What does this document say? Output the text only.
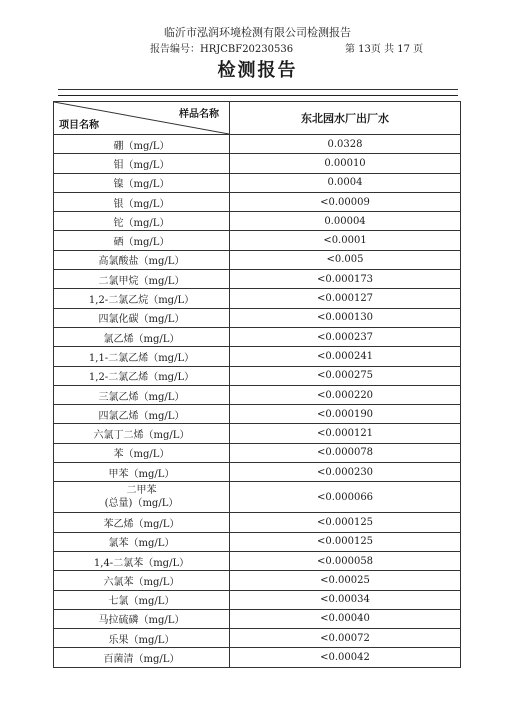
临沂市泓润环境检测有限公司检测报告
报告编号：HRJCBF20230536	第 13页 共 17 页
检测报告
样品名称
项目名称	东北园水厂出厂水
硼（mg/L）	0.0328
钼（mg/L）	0.00010
镍（mg/L）	0.0004
银（mg/L）	<0.00009
铊（mg/L）	0.00004
硒（mg/L）	<0.0001
高氯酸盐（mg/L）	<0.005
二氯甲烷（mg/L）	<0.000173
1,2-二氯乙烷（mg/L）	<0.000127
四氯化碳（mg/L）	<0.000130
氯乙烯（mg/L）	<0.000237
1,1-二氯乙烯（mg/L）	<0.000241
1,2-二氯乙烯（mg/L）	<0.000275
三氯乙烯（mg/L）	<0.000220
四氯乙烯（mg/L）	<0.000190
六氯丁二烯（mg/L）	<0.000121
苯（mg/L）	<0.000078
甲苯（mg/L）	<0.000230

二甲苯
(总量)（mg/L）	<0.000066
苯乙烯（mg/L）	<0.000125
氯苯（mg/L）	<0.000125
1,4-二氯苯（mg/L）	<0.000058
六氯苯（mg/L）	<0.00025
七氯（mg/L）	<0.00034
马拉硫磷（mg/L）	<0.00040
乐果（mg/L）	<0.00072
百菌清（mg/L）	<0.00042
